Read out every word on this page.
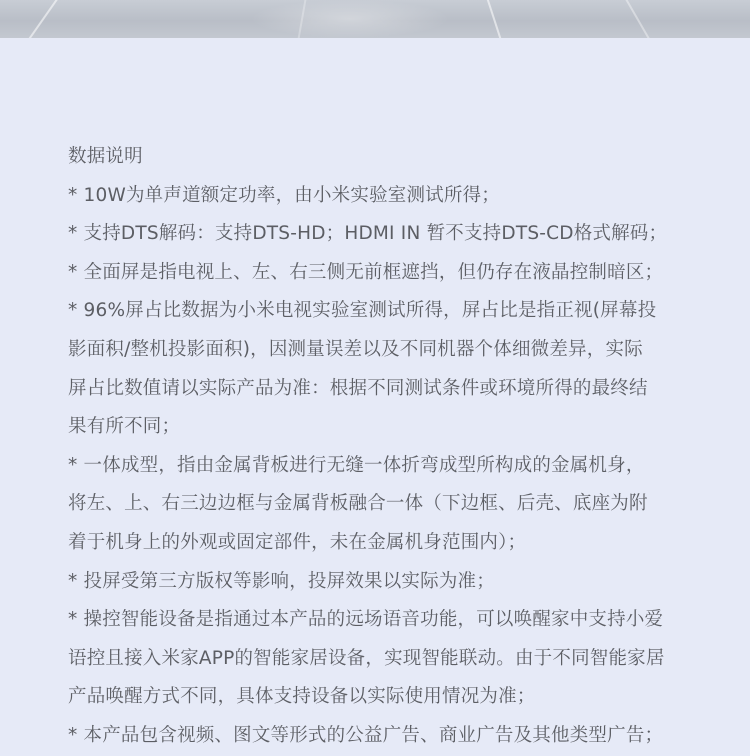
数据说明

* 10W为单声道额定功率，由小米实验室测试所得；

* 支持DTS解码：支持DTS-HD；HDMI IN 暂不支持DTS-CD格式解码；

* 全面屏是指电视上、左、右三侧无前框遮挡，但仍存在液晶控制暗区；

* 96%屏占比数据为小米电视实验室测试所得，屏占比是指正视(屏幕投

影面积/整机投影面积)，因测量误差以及不同机器个体细微差异，实际

屏占比数值请以实际产品为准：根据不同测试条件或环境所得的最终结

果有所不同；

* 一体成型，指由金属背板进行无缝一体折弯成型所构成的金属机身，

将左、上、右三边边框与金属背板融合一体（下边框、后壳、底座为附

着于机身上的外观或固定部件，未在金属机身范围内）；

* 投屏受第三方版权等影响，投屏效果以实际为准；

* 操控智能设备是指通过本产品的远场语音功能，可以唤醒家中支持小爱

语控且接入米家APP的智能家居设备，实现智能联动。由于不同智能家居

产品唤醒方式不同，具体支持设备以实际使用情况为准；

* 本产品包含视频、图文等形式的公益广告、商业广告及其他类型广告；
